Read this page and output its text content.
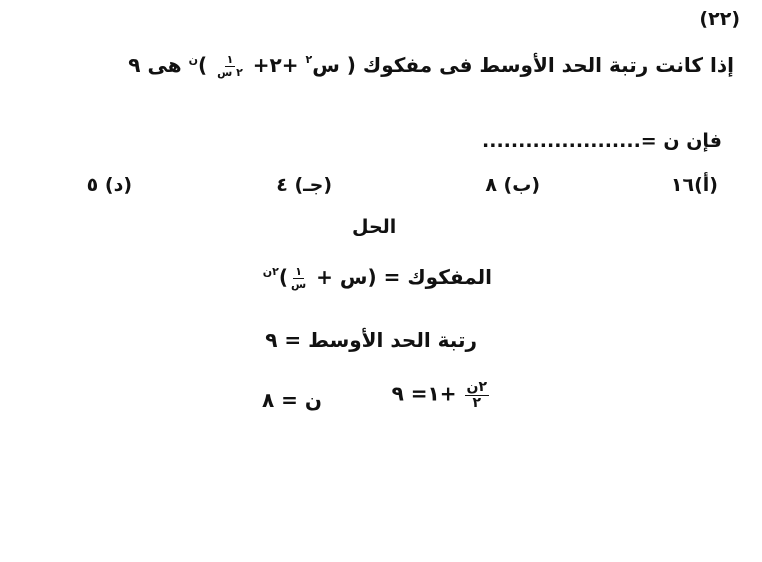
(٢٢)
إذا كانت رتبة الحد الأوسط فى مفكوك ( س$^٢$ +٢+
$\frac{١}{\text{٢ س}}$
)$^ن$ هى ٩
فإن ن =......................
(أ)١٦
(ب) ٨
(جـ) ٤
(د) ٥
الحل
المفكوك = (س +
$\frac{١}{\text{س}}$
)$^{٢ن}$
رتبة الحد الأوسط = ٩
$\frac{\text{٢ن}}{٢}$
+١= ٩
ن = ٨
